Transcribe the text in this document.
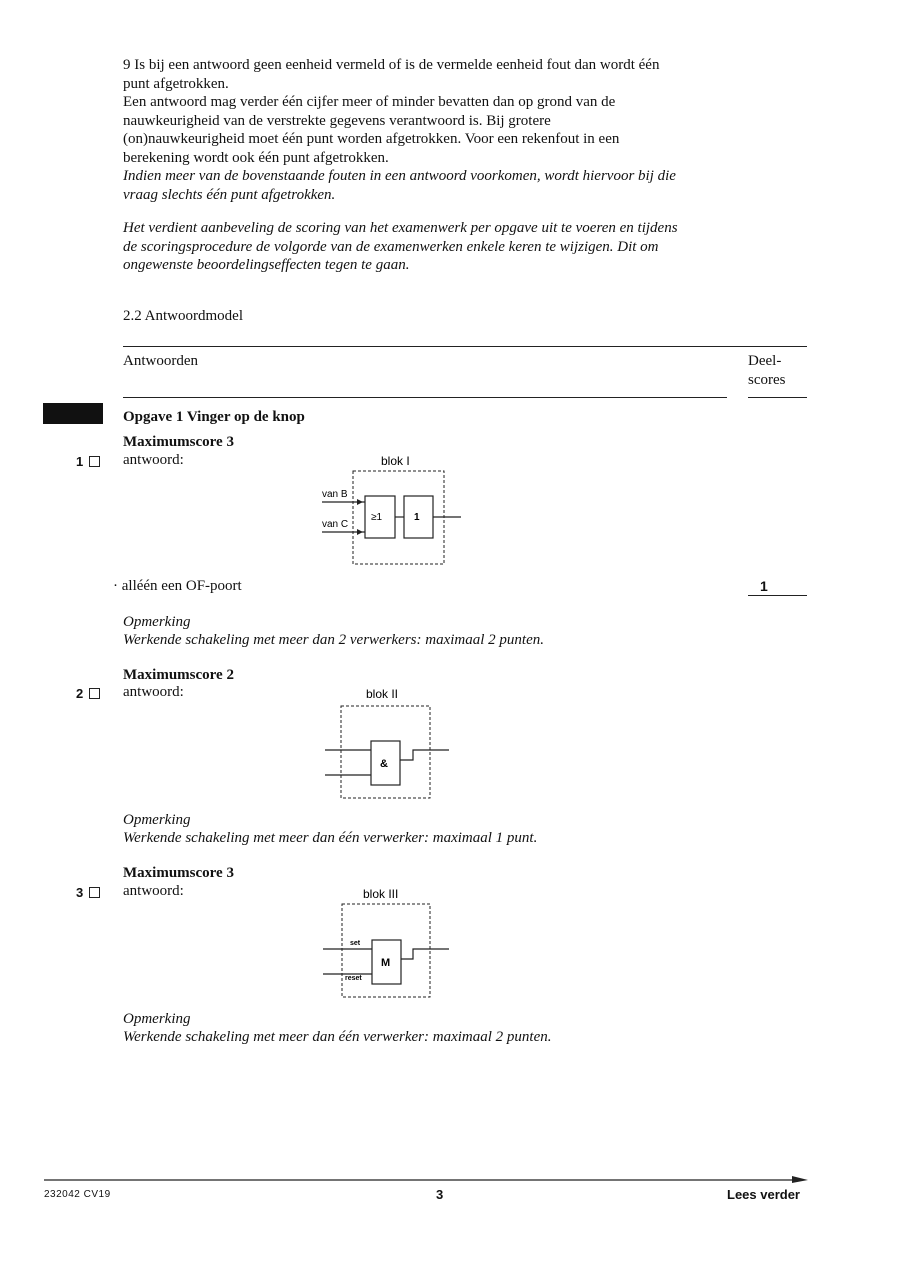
9 Is bij een antwoord geen eenheid vermeld of is de vermelde eenheid fout dan wordt één
punt afgetrokken.
Een antwoord mag verder één cijfer meer of minder bevatten dan op grond van de
nauwkeurigheid van de verstrekte gegevens verantwoord is. Bij grotere
(on)nauwkeurigheid moet één punt worden afgetrokken. Voor een rekenfout in een
berekening wordt ook één punt afgetrokken.
Indien meer van de bovenstaande fouten in een antwoord voorkomen, wordt hiervoor bij die
vraag slechts één punt afgetrokken.
Het verdient aanbeveling de scoring van het examenwerk per opgave uit te voeren en tijdens
de scoringsprocedure de volgorde van de examenwerken enkele keren te wijzigen. Dit om
ongewenste beoordelingseffecten tegen te gaan.
2.2 Antwoordmodel
Antwoorden	Deel-
scores
Opgave 1 Vinger op de knop
Maximumscore 3
1	antwoord:	blok I
van B
van C
≥1	1
· alléén een OF-poort	1
Opmerking
Werkende schakeling met meer dan 2 verwerkers: maximaal 2 punten.
Maximumscore 2
2	antwoord:	blok II
&
Opmerking
Werkende schakeling met meer dan één verwerker: maximaal 1 punt.
Maximumscore 3
3	antwoord:	blok III
set
reset
M
Opmerking
Werkende schakeling met meer dan één verwerker: maximaal 2 punten.
232042 CV19	3	Lees verder
